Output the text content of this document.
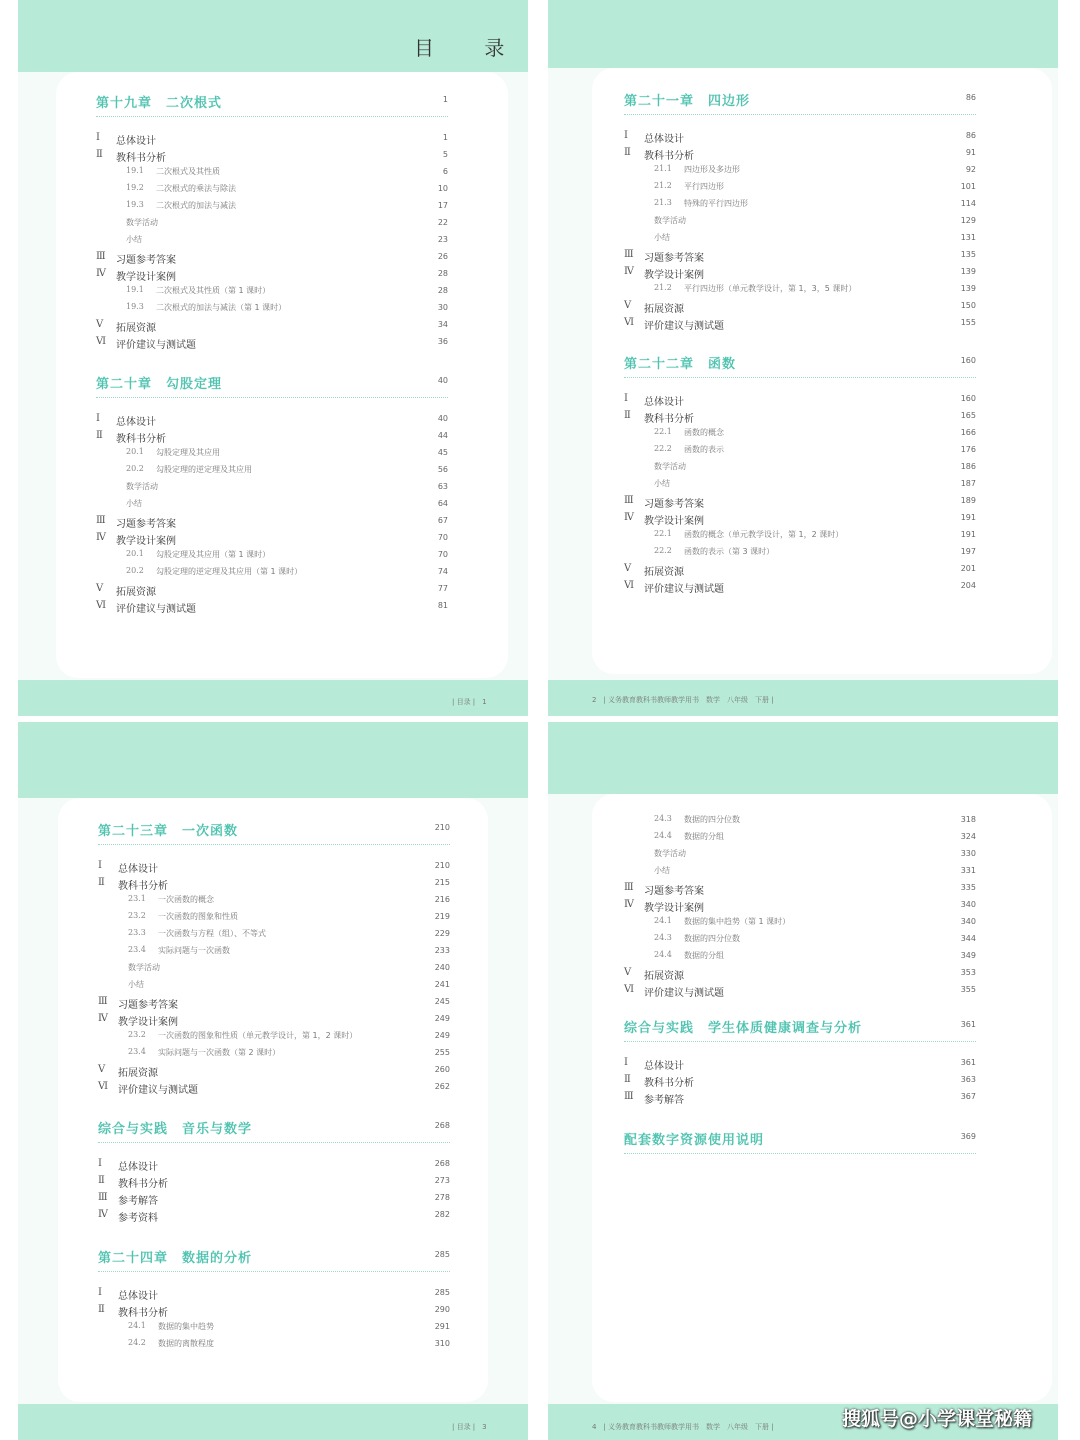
目 录
| 目录 |　1	2　| 义务教育教科书教师教学用书　数学　八年级　下册 |
| 目录 |　3	4　| 义务教育教科书教师教学用书　数学　八年级　下册 |
第十九章　二次根式	1
Ⅰ 总体设计	1
Ⅱ 教科书分析	5
19.1 二次根式及其性质	6
19.2 二次根式的乘法与除法	10
19.3 二次根式的加法与减法	17
数学活动	22
小结	23
Ⅲ 习题参考答案	26
Ⅳ 教学设计案例	28
19.1 二次根式及其性质（第 1 课时）	28
19.3 二次根式的加法与减法（第 1 课时）	30
Ⅴ 拓展资源	34
Ⅵ 评价建议与测试题	36
第二十章　勾股定理	40
Ⅰ 总体设计	40
Ⅱ 教科书分析	44
20.1 勾股定理及其应用	45
20.2 勾股定理的逆定理及其应用	56
数学活动	63
小结	64
Ⅲ 习题参考答案	67
Ⅳ 教学设计案例	70
20.1 勾股定理及其应用（第 1 课时）	70
20.2 勾股定理的逆定理及其应用（第 1 课时）	74
Ⅴ 拓展资源	77
Ⅵ 评价建议与测试题	81
第二十一章　四边形	86
Ⅰ 总体设计	86
Ⅱ 教科书分析	91
21.1 四边形及多边形	92
21.2 平行四边形	101
21.3 特殊的平行四边形	114
数学活动	129
小结	131
Ⅲ 习题参考答案	135
Ⅳ 教学设计案例	139
21.2 平行四边形（单元教学设计，第 1，3，5 课时）	139
Ⅴ 拓展资源	150
Ⅵ 评价建议与测试题	155
第二十二章　函数	160
Ⅰ 总体设计	160
Ⅱ 教科书分析	165
22.1 函数的概念	166
22.2 函数的表示	176
数学活动	186
小结	187
Ⅲ 习题参考答案	189
Ⅳ 教学设计案例	191
22.1 函数的概念（单元教学设计，第 1，2 课时）	191
22.2 函数的表示（第 3 课时）	197
Ⅴ 拓展资源	201
Ⅵ 评价建议与测试题	204
第二十三章　一次函数	210
Ⅰ 总体设计	210
Ⅱ 教科书分析	215
23.1 一次函数的概念	216
23.2 一次函数的图象和性质	219
23.3 一次函数与方程（组）、不等式	229
23.4 实际问题与一次函数	233
数学活动	240
小结	241
Ⅲ 习题参考答案	245
Ⅳ 教学设计案例	249
23.2 一次函数的图象和性质（单元教学设计，第 1，2 课时）	249
23.4 实际问题与一次函数（第 2 课时）	255
Ⅴ 拓展资源	260
Ⅵ 评价建议与测试题	262
综合与实践　音乐与数学	268
Ⅰ 总体设计	268
Ⅱ 教科书分析	273
Ⅲ 参考解答	278
Ⅳ 参考资料	282
第二十四章　数据的分析	285
Ⅰ 总体设计	285
Ⅱ 教科书分析	290
24.1 数据的集中趋势	291
24.2 数据的离散程度	310
24.3 数据的四分位数	318
24.4 数据的分组	324
数学活动	330
小结	331
Ⅲ 习题参考答案	335
Ⅳ 教学设计案例	340
24.1 数据的集中趋势（第 1 课时）	340
24.3 数据的四分位数	344
24.4 数据的分组	349
Ⅴ 拓展资源	353
Ⅵ 评价建议与测试题	355
综合与实践　学生体质健康调查与分析	361
Ⅰ 总体设计	361
Ⅱ 教科书分析	363
Ⅲ 参考解答	367
配套数字资源使用说明	369
搜狐号@小学课堂秘籍
